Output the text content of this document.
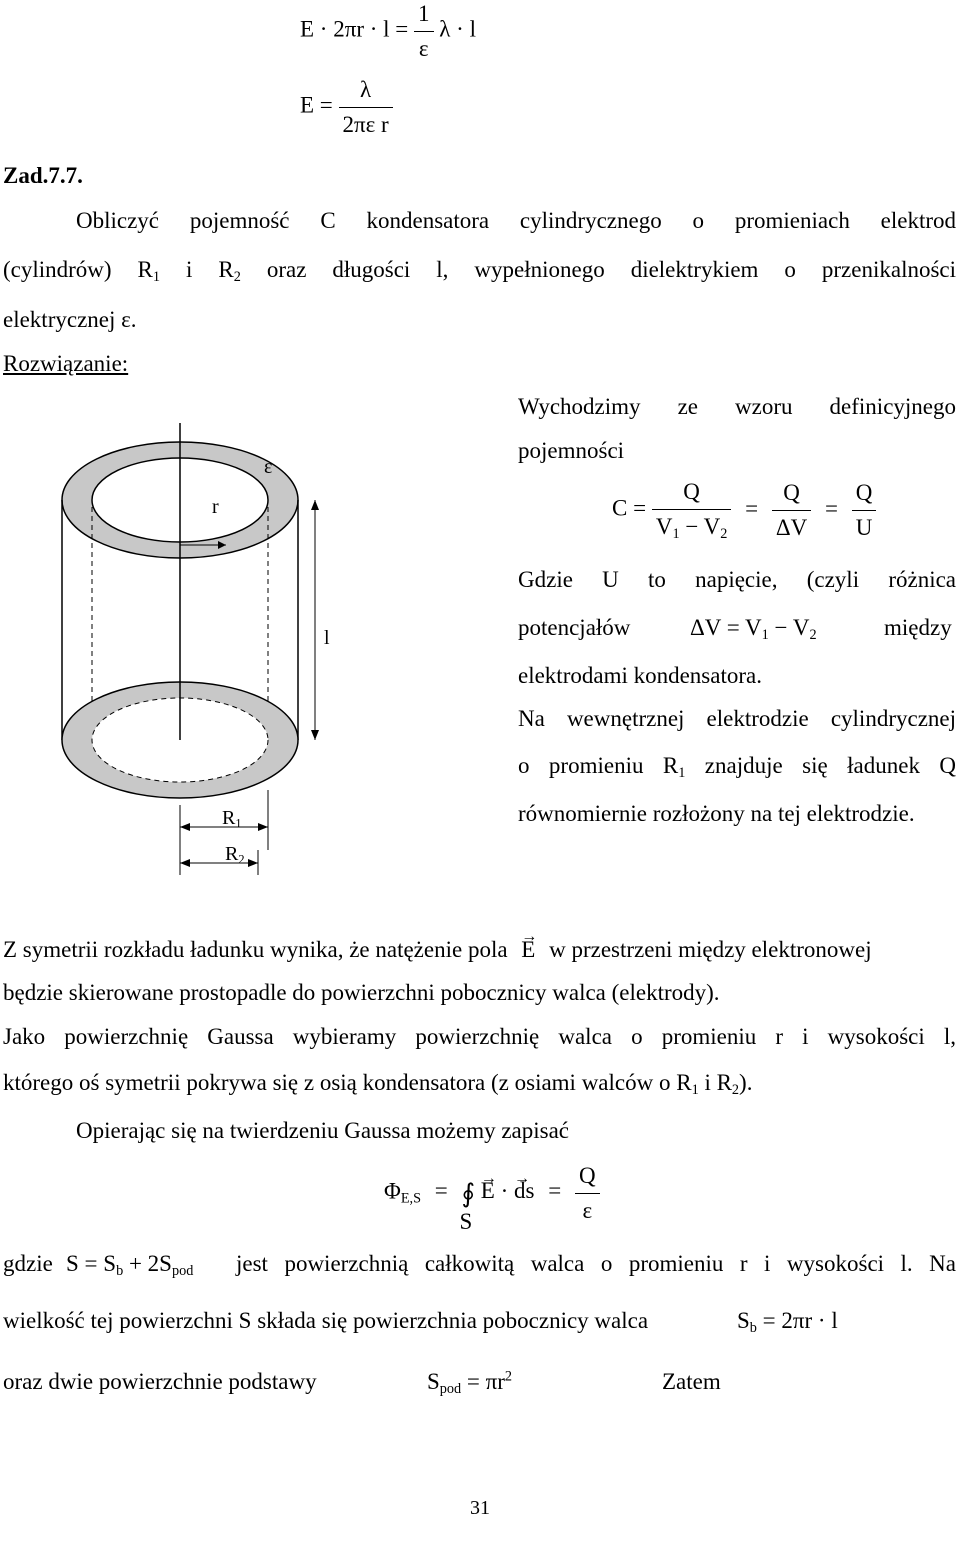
$E \cdot 2\pi r \cdot l = \frac{1}{\varepsilon}$ λ · l
$E = \frac{\lambda}{\text{2πε r}}$
Zad.7.7.
Obliczyć pojemność C kondensatora cylindrycznego o promieniach elektrod
(cylindrów) $R_1$ i $R_2$ oraz długości l, wypełnionego dielektrykiem o przenikalności
elektrycznej ε.
Rozwiązanie:
r
ε
l
$R_1$
$R_2$
Wychodzimy ze wzoru definicyjnego
pojemności
$C = \frac{Q}{V_1 - V_2} = \frac{Q}{\Delta V} = \frac{Q}{U}$
Gdzie U to napięcie, (czyli różnica
potencjałów	$\Delta V = V_1 - V_2$	między
elektrodami kondensatora.
Na wewnętrznej elektrodzie cylindrycznej
o promieniu $R_1$ znajduje się ładunek Q
równomiernie rozłożony na tej elektrodzie.
Z symetrii rozkładu ładunku wynika, że natężenie pola → E w przestrzeni między elektronowej
będzie skierowane prostopadle do powierzchni pobocznicy walca (elektrody).
Jako powierzchnię Gaussa wybieramy powierzchnię walca o promieniu r i wysokości l,
którego oś symetrii pokrywa się z osią kondensatora (z osiami walców o $R_1$ i $R_2$).
Opierając się na twierdzeniu Gaussa możemy zapisać
$\Phi_{E,S}$ = ∮
S
→ E · → ds = $\frac{Q}{\varepsilon}$
gdzie $S = S_b + 2S_{pod}$ jest powierzchnią całkowitą walca o promieniu r i wysokości l. Na
wielkość tej powierzchni S składa się powierzchnia pobocznicy walca	$S_b = 2\pi r \cdot l$
oraz dwie powierzchnie podstawy	$S_{pod} = \pi r^2$	Zatem
31
